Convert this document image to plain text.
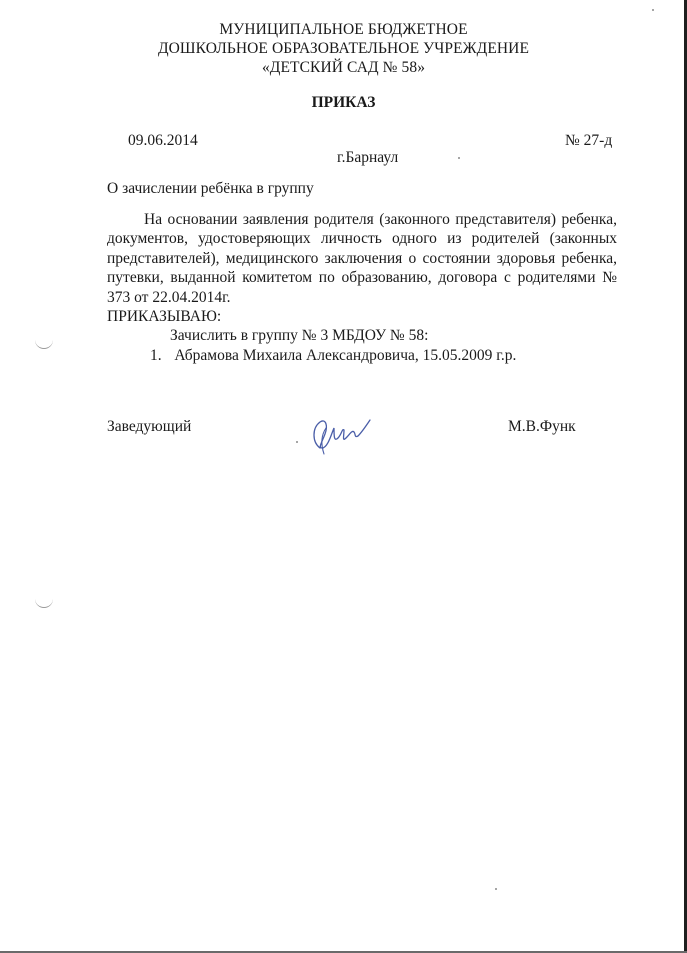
МУНИЦИПАЛЬНОЕ БЮДЖЕТНОЕ
ДОШКОЛЬНОЕ ОБРАЗОВАТЕЛЬНОЕ УЧРЕЖДЕНИЕ
«ДЕТСКИЙ САД № 58»
ПРИКАЗ
09.06.2014	№ 27-д
г.Барнаул
О зачислении ребёнка в группу
На основании заявления родителя (законного представителя) ребенка, документов, удостоверяющих личность одного из родителей (законных представителей), медицинского заключения о состоянии здоровья ребенка, путевки, выданной комитетом по образованию, договора с родителями № 373 от 22.04.2014г.
ПРИКАЗЫВАЮ:
Зачислить в группу № 3 МБДОУ № 58:
1. Абрамова Михаила Александровича, 15.05.2009 г.р.
Заведующий	М.В.Функ
